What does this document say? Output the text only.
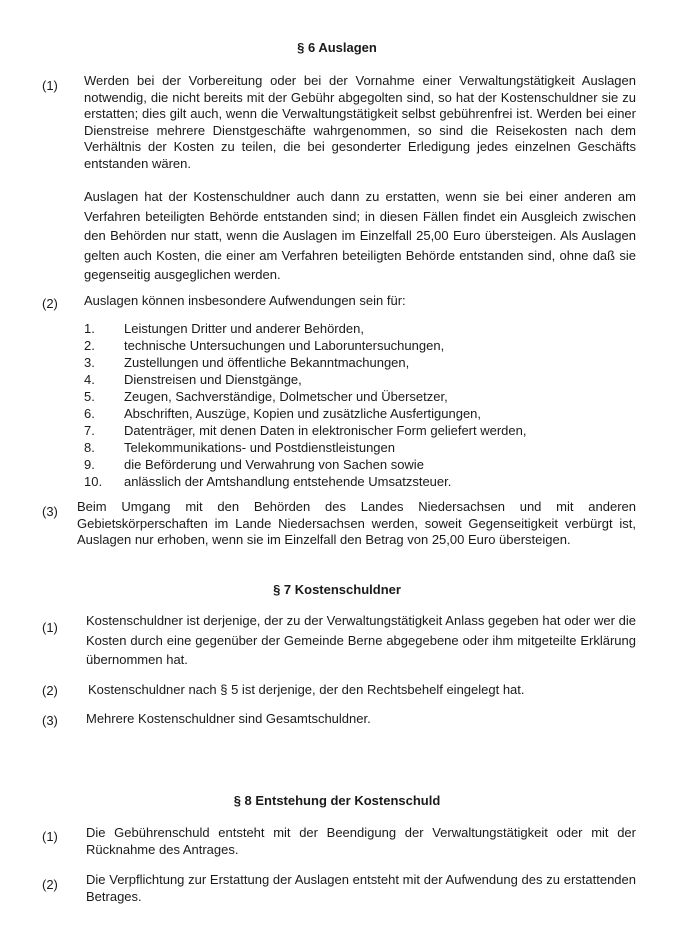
§ 6 Auslagen
(1) Werden bei der Vorbereitung oder bei der Vornahme einer Verwaltungstätigkeit Auslagen notwendig, die nicht bereits mit der Gebühr abgegolten sind, so hat der Kostenschuldner sie zu erstatten; dies gilt auch, wenn die Verwaltungstätigkeit selbst gebührenfrei ist. Werden bei einer Dienstreise mehrere Dienstgeschäfte wahrgenommen, so sind die Reisekosten nach dem Verhältnis der Kosten zu teilen, die bei gesonderter Erledigung jedes einzelnen Geschäfts entstanden wären.
Auslagen hat der Kostenschuldner auch dann zu erstatten, wenn sie bei einer anderen am Verfahren beteiligten Behörde entstanden sind; in diesen Fällen findet ein Ausgleich zwischen den Behörden nur statt, wenn die Auslagen im Einzelfall 25,00 Euro übersteigen. Als Auslagen gelten auch Kosten, die einer am Verfahren beteiligten Behörde entstanden sind, ohne daß sie gegenseitig ausgeglichen werden.
(2) Auslagen können insbesondere Aufwendungen sein für:
1.	Leistungen Dritter und anderer Behörden,
2.	technische Untersuchungen und Laboruntersuchungen,
3.	Zustellungen und öffentliche Bekanntmachungen,
4.	Dienstreisen und Dienstgänge,
5.	Zeugen, Sachverständige, Dolmetscher und Übersetzer,
6.	Abschriften, Auszüge, Kopien und zusätzliche Ausfertigungen,
7.	Datenträger, mit denen Daten in elektronischer Form geliefert werden,
8.	Telekommunikations- und Postdienstleistungen
9.	die Beförderung und Verwahrung von Sachen sowie
10.	anlässlich der Amtshandlung entstehende Umsatzsteuer.
(3) Beim Umgang mit den Behörden des Landes Niedersachsen und mit anderen Gebietskörperschaften im Lande Niedersachsen werden, soweit Gegenseitigkeit verbürgt ist, Auslagen nur erhoben, wenn sie im Einzelfall den Betrag von 25,00 Euro übersteigen.
§ 7 Kostenschuldner
(1) Kostenschuldner ist derjenige, der zu der Verwaltungstätigkeit Anlass gegeben hat oder wer die Kosten durch eine gegenüber der Gemeinde Berne abgegebene oder ihm mitgeteilte Erklärung übernommen hat.
(2) Kostenschuldner nach § 5 ist derjenige, der den Rechtsbehelf eingelegt hat.
(3) Mehrere Kostenschuldner sind Gesamtschuldner.
§ 8 Entstehung der Kostenschuld
(1) Die Gebührenschuld entsteht mit der Beendigung der Verwaltungstätigkeit oder mit der Rücknahme des Antrages.
(2) Die Verpflichtung zur Erstattung der Auslagen entsteht mit der Aufwendung des zu erstattenden Betrages.
